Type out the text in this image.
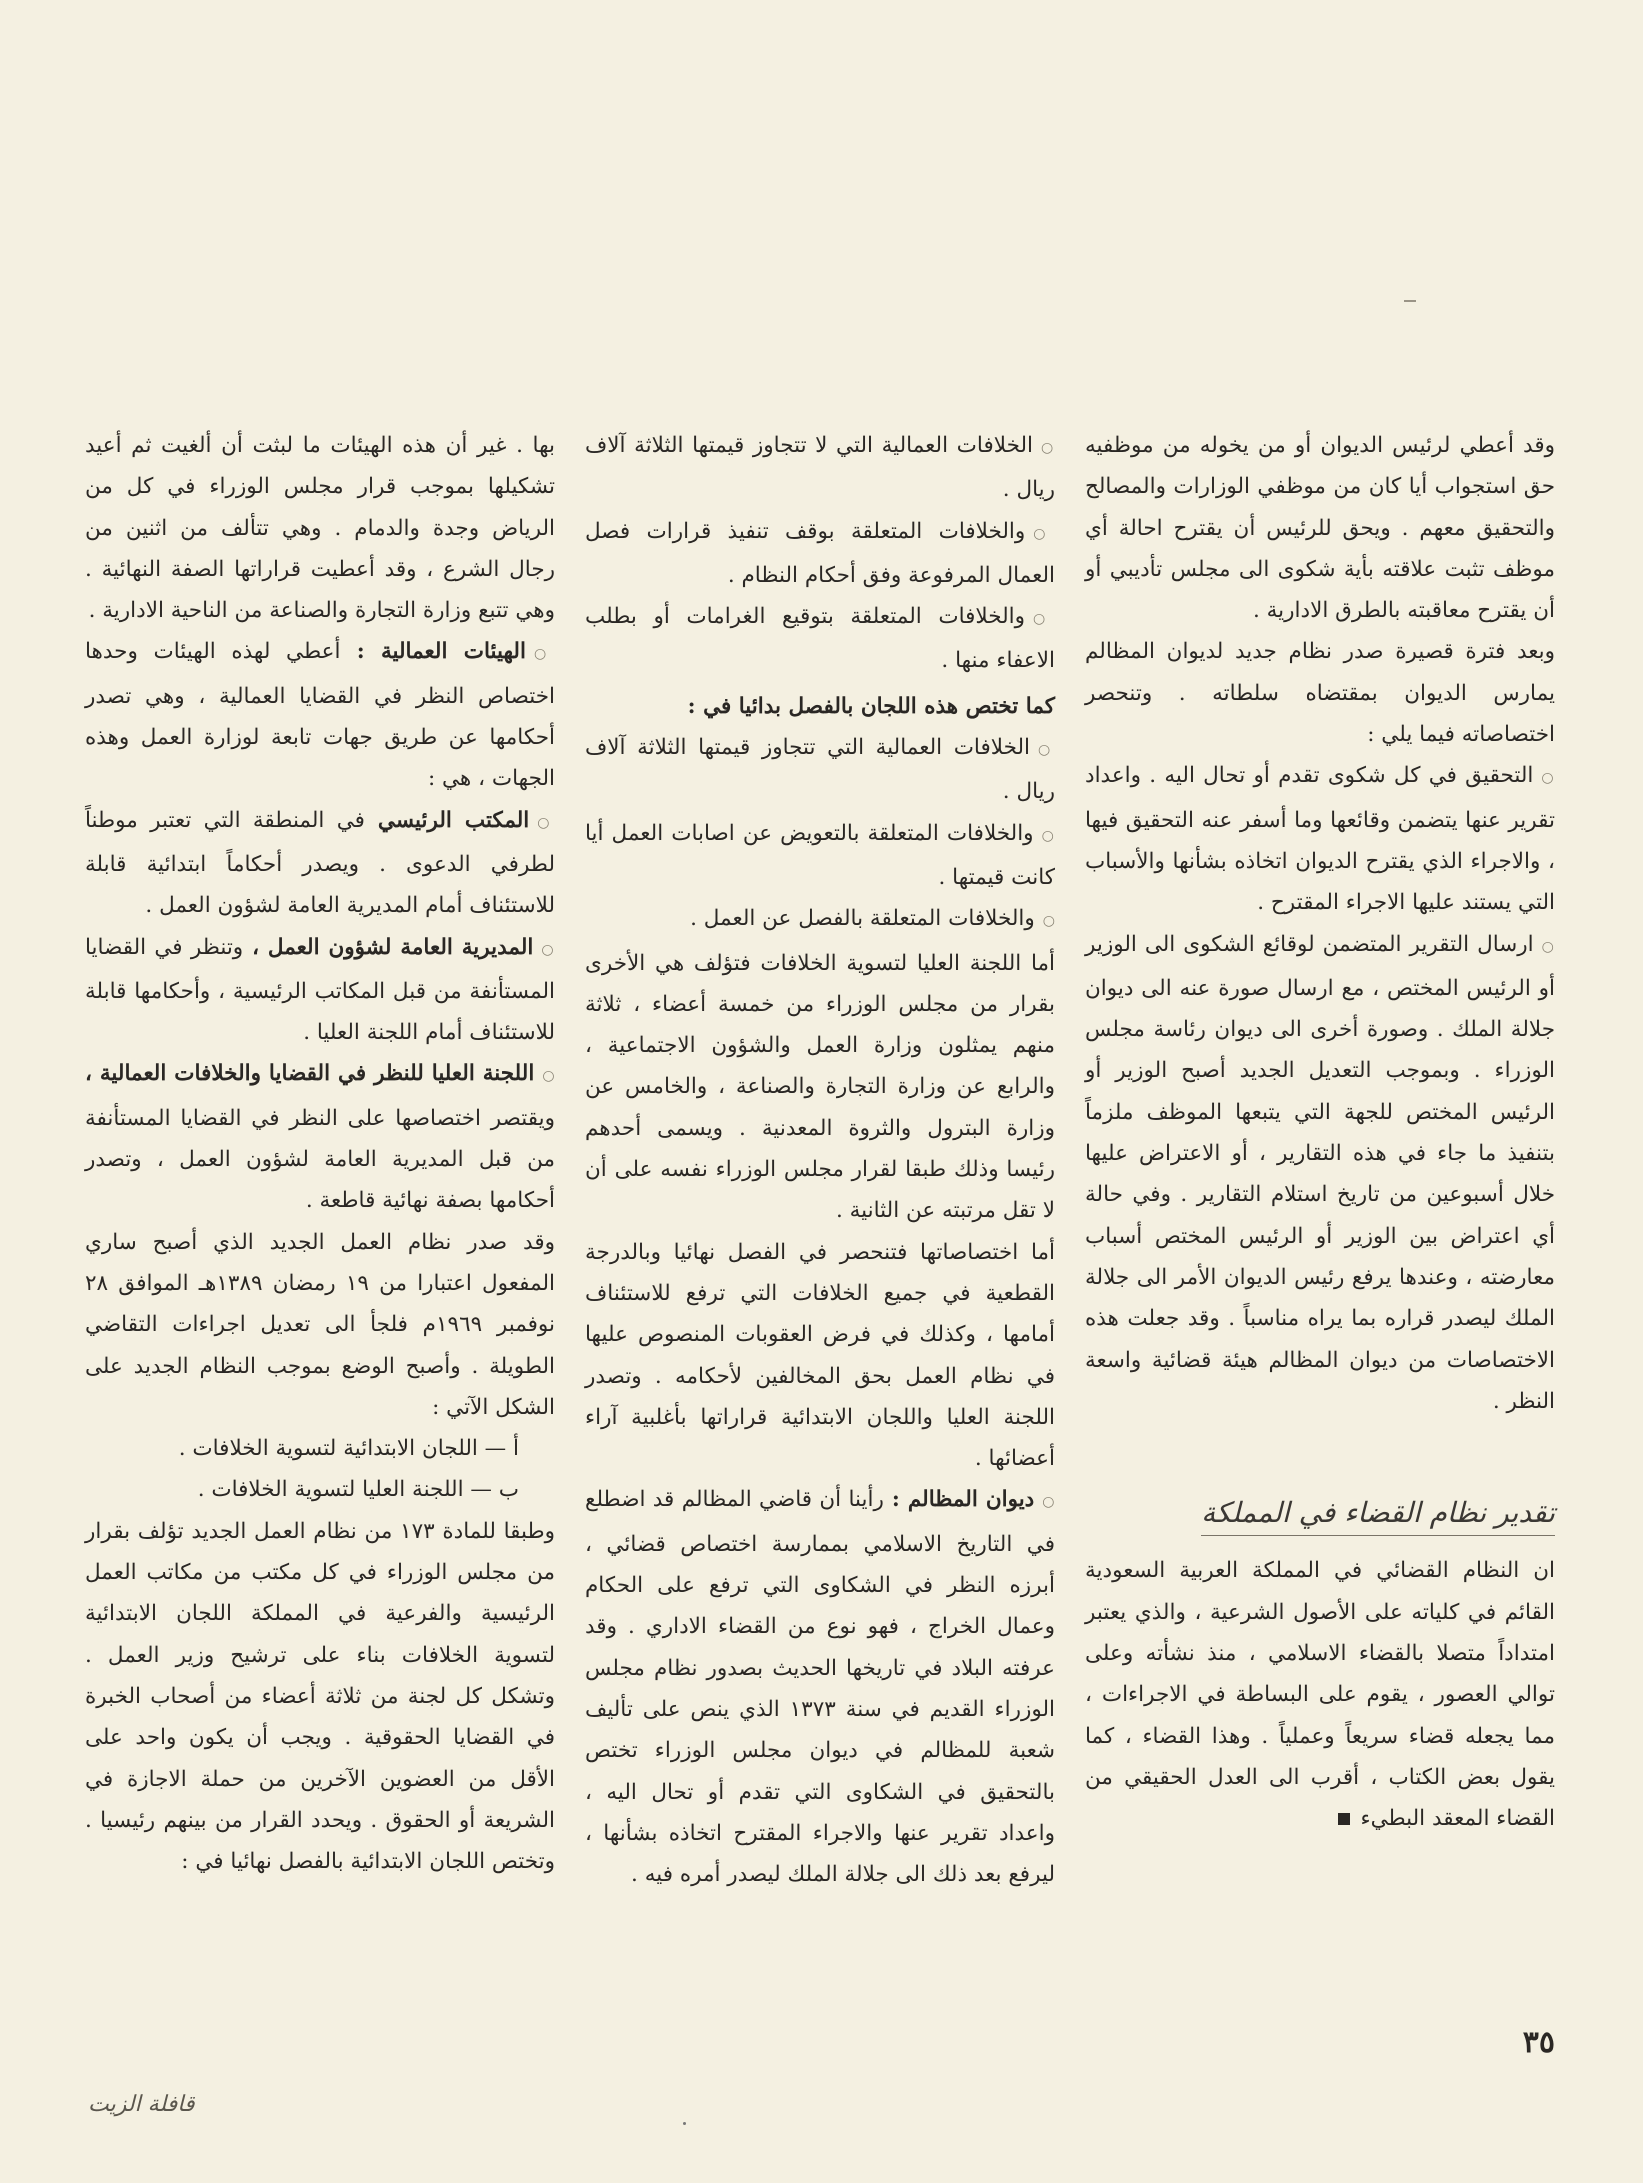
بها . غير أن هذه الهيئات ما لبثت أن ألغيت ثم أعيد تشكيلها بموجب قرار مجلس الوزراء في كل من الرياض وجدة والدمام . وهي تتألف من اثنين من رجال الشرع ، وقد أعطيت قراراتها الصفة النهائية . وهي تتبع وزارة التجارة والصناعة من الناحية الادارية .

○الهيئات العمالية : أعطي لهذه الهيئات وحدها اختصاص النظر في القضايا العمالية ، وهي تصدر أحكامها عن طريق جهات تابعة لوزارة العمل وهذه الجهات ، هي :

○المكتب الرئيسي في المنطقة التي تعتبر موطناً لطرفي الدعوى . ويصدر أحكاماً ابتدائية قابلة للاستئناف أمام المديرية العامة لشؤون العمل .

○المديرية العامة لشؤون العمل ، وتنظر في القضايا المستأنفة من قبل المكاتب الرئيسية ، وأحكامها قابلة للاستئناف أمام اللجنة العليا .

○اللجنة العليا للنظر في القضايا والخلافات العمالية ، ويقتصر اختصاصها على النظر في القضايا المستأنفة من قبل المديرية العامة لشؤون العمل ، وتصدر أحكامها بصفة نهائية قاطعة .

وقد صدر نظام العمل الجديد الذي أصبح ساري المفعول اعتبارا من ١٩ رمضان ١٣٨٩هـ الموافق ٢٨ نوفمبر ١٩٦٩م فلجأ الى تعديل اجراءات التقاضي الطويلة . وأصبح الوضع بموجب النظام الجديد على الشكل الآتي :

أ — اللجان الابتدائية لتسوية الخلافات .

ب — اللجنة العليا لتسوية الخلافات .

وطبقا للمادة ١٧٣ من نظام العمل الجديد تؤلف بقرار من مجلس الوزراء في كل مكتب من مكاتب العمل الرئيسية والفرعية في المملكة اللجان الابتدائية لتسوية الخلافات بناء على ترشيح وزير العمل . وتشكل كل لجنة من ثلاثة أعضاء من أصحاب الخبرة في القضايا الحقوقية . ويجب أن يكون واحد على الأقل من العضوين الآخرين من حملة الاجازة في الشريعة أو الحقوق . ويحدد القرار من بينهم رئيسيا . وتختص اللجان الابتدائية بالفصل نهائيا في :

○الخلافات العمالية التي لا تتجاوز قيمتها الثلاثة آلاف ريال .

○والخلافات المتعلقة بوقف تنفيذ قرارات فصل العمال المرفوعة وفق أحكام النظام .

○والخلافات المتعلقة بتوقيع الغرامات أو بطلب الاعفاء منها .

كما تختص هذه اللجان بالفصل بدائيا في :

○الخلافات العمالية التي تتجاوز قيمتها الثلاثة آلاف ريال .

○والخلافات المتعلقة بالتعويض عن اصابات العمل أيا كانت قيمتها .

○والخلافات المتعلقة بالفصل عن العمل .

أما اللجنة العليا لتسوية الخلافات فتؤلف هي الأخرى بقرار من مجلس الوزراء من خمسة أعضاء ، ثلاثة منهم يمثلون وزارة العمل والشؤون الاجتماعية ، والرابع عن وزارة التجارة والصناعة ، والخامس عن وزارة البترول والثروة المعدنية . ويسمى أحدهم رئيسا وذلك طبقا لقرار مجلس الوزراء نفسه على أن لا تقل مرتبته عن الثانية .

أما اختصاصاتها فتنحصر في الفصل نهائيا وبالدرجة القطعية في جميع الخلافات التي ترفع للاستئناف أمامها ، وكذلك في فرض العقوبات المنصوص عليها في نظام العمل بحق المخالفين لأحكامه . وتصدر اللجنة العليا واللجان الابتدائية قراراتها بأغلبية آراء أعضائها .

○ديوان المظالم : رأينا أن قاضي المظالم قد اضطلع في التاريخ الاسلامي بممارسة اختصاص قضائي ، أبرزه النظر في الشكاوى التي ترفع على الحكام وعمال الخراج ، فهو نوع من القضاء الاداري . وقد عرفته البلاد في تاريخها الحديث بصدور نظام مجلس الوزراء القديم في سنة ١٣٧٣ الذي ينص على تأليف شعبة للمظالم في ديوان مجلس الوزراء تختص بالتحقيق في الشكاوى التي تقدم أو تحال اليه ، واعداد تقرير عنها والاجراء المقترح اتخاذه بشأنها ، ليرفع بعد ذلك الى جلالة الملك ليصدر أمره فيه .

وقد أعطي لرئيس الديوان أو من يخوله من موظفيه حق استجواب أيا كان من موظفي الوزارات والمصالح والتحقيق معهم . ويحق للرئيس أن يقترح احالة أي موظف تثبت علاقته بأية شكوى الى مجلس تأديبي أو أن يقترح معاقبته بالطرق الادارية .

وبعد فترة قصيرة صدر نظام جديد لديوان المظالم يمارس الديوان بمقتضاه سلطاته . وتنحصر اختصاصاته فيما يلي :

○التحقيق في كل شكوى تقدم أو تحال اليه . واعداد تقرير عنها يتضمن وقائعها وما أسفر عنه التحقيق فيها ، والاجراء الذي يقترح الديوان اتخاذه بشأنها والأسباب التي يستند عليها الاجراء المقترح .

○ارسال التقرير المتضمن لوقائع الشكوى الى الوزير أو الرئيس المختص ، مع ارسال صورة عنه الى ديوان جلالة الملك . وصورة أخرى الى ديوان رئاسة مجلس الوزراء . وبموجب التعديل الجديد أصبح الوزير أو الرئيس المختص للجهة التي يتبعها الموظف ملزماً بتنفيذ ما جاء في هذه التقارير ، أو الاعتراض عليها خلال أسبوعين من تاريخ استلام التقارير . وفي حالة أي اعتراض بين الوزير أو الرئيس المختص أسباب معارضته ، وعندها يرفع رئيس الديوان الأمر الى جلالة الملك ليصدر قراره بما يراه مناسباً . وقد جعلت هذه الاختصاصات من ديوان المظالم هيئة قضائية واسعة النظر .

تقدير نظام القضاء في المملكة

ان النظام القضائي في المملكة العربية السعودية القائم في كلياته على الأصول الشرعية ، والذي يعتبر امتداداً متصلا بالقضاء الاسلامي ، منذ نشأته وعلى توالي العصور ، يقوم على البساطة في الاجراءات ، مما يجعله قضاء سريعاً وعملياً . وهذا القضاء ، كما يقول بعض الكتاب ، أقرب الى العدل الحقيقي من القضاء المعقد البطيء

٣٥
قافلة الزيت
